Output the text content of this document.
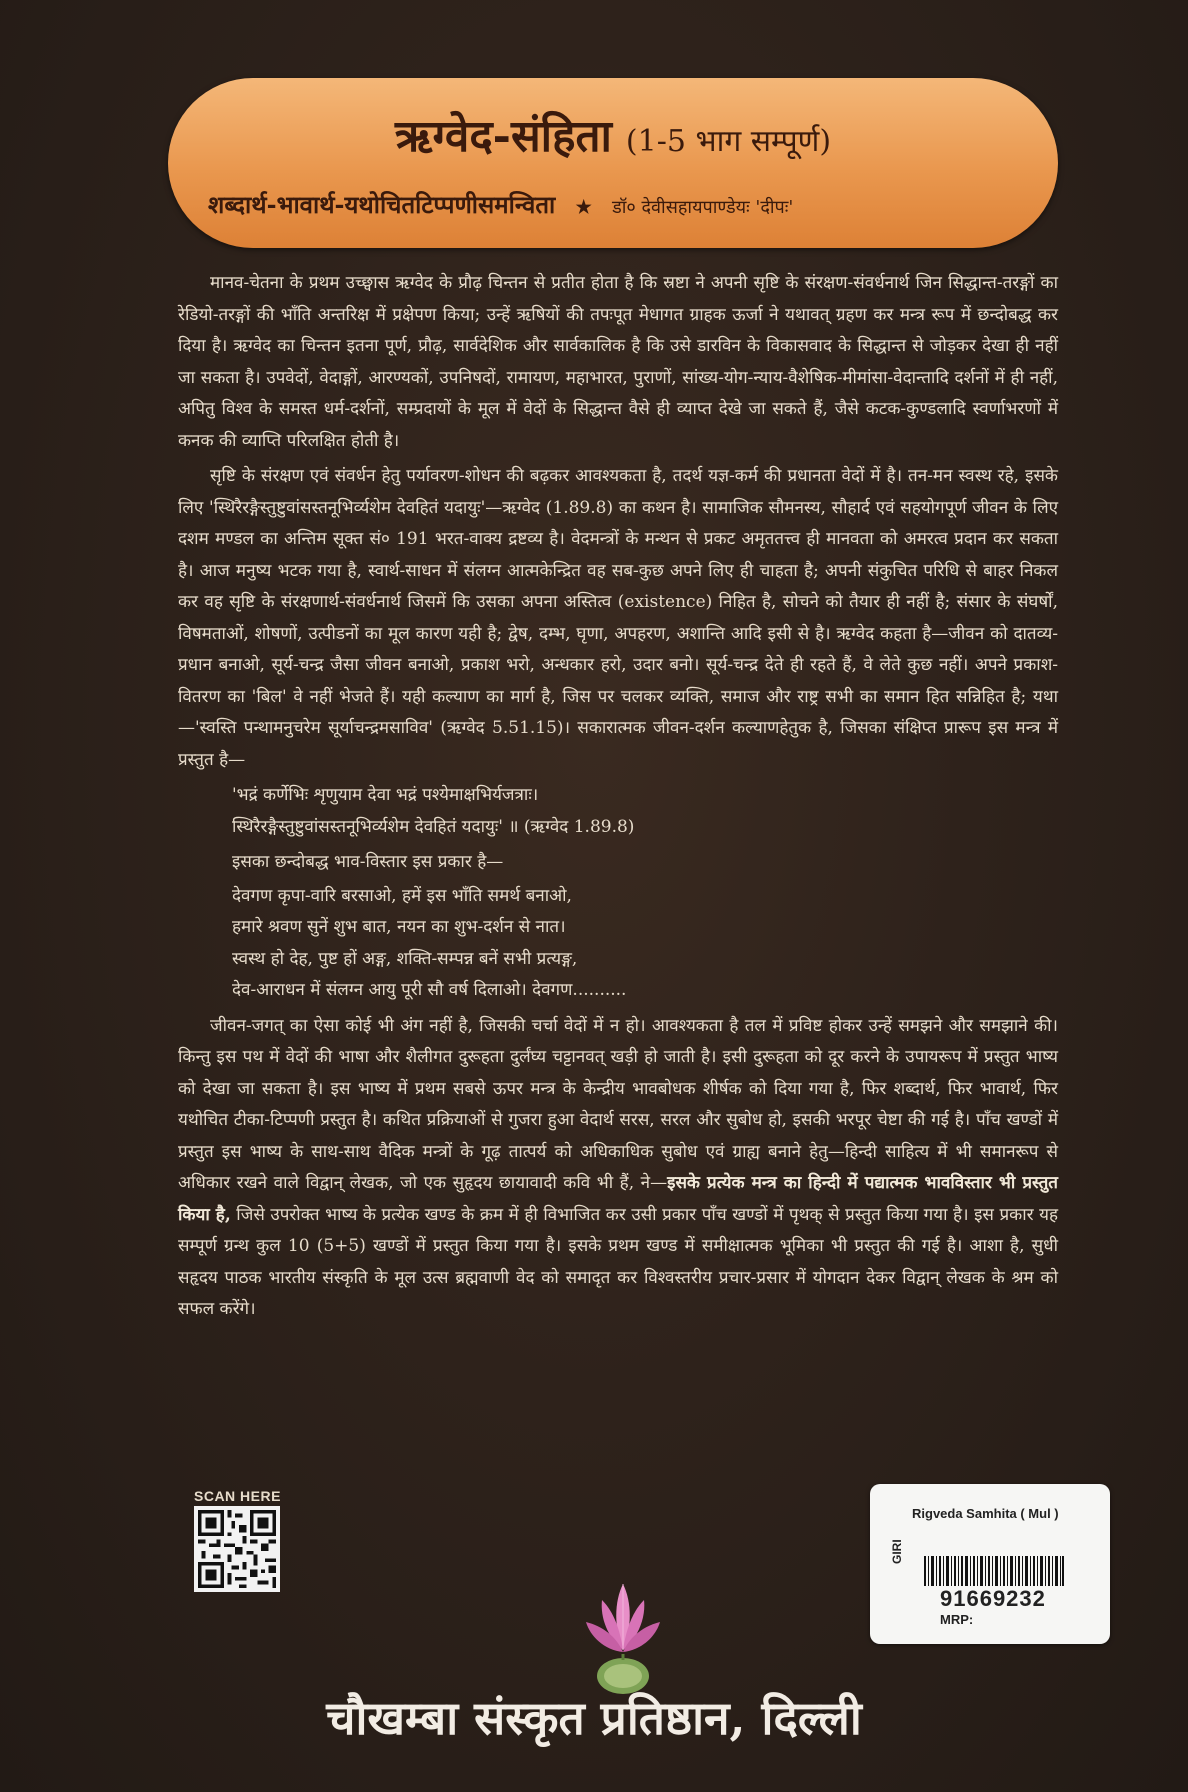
ऋग्वेद-संहिता (1-5 भाग सम्पूर्ण)
शब्दार्थ-भावार्थ-यथोचितटिप्पणीसमन्विता ★ डॉ० देवीसहायपाण्डेयः 'दीपः'

मानव-चेतना के प्रथम उच्छ्वास ऋग्वेद के प्रौढ़ चिन्तन से प्रतीत होता है कि स्रष्टा ने अपनी सृष्टि के संरक्षण-संवर्धनार्थ जिन सिद्धान्त-तरङ्गों का रेडियो-तरङ्गों की भाँति अन्तरिक्ष में प्रक्षेपण किया; उन्हें ऋषियों की तपःपूत मेधागत ग्राहक ऊर्जा ने यथावत् ग्रहण कर मन्त्र रूप में छन्दोबद्ध कर दिया है। ऋग्वेद का चिन्तन इतना पूर्ण, प्रौढ़, सार्वदेशिक और सार्वकालिक है कि उसे डारविन के विकासवाद के सिद्धान्त से जोड़कर देखा ही नहीं जा सकता है। उपवेदों, वेदाङ्गों, आरण्यकों, उपनिषदों, रामायण, महाभारत, पुराणों, सांख्य-योग-न्याय-वैशेषिक-मीमांसा-वेदान्तादि दर्शनों में ही नहीं, अपितु विश्व के समस्त धर्म-दर्शनों, सम्प्रदायों के मूल में वेदों के सिद्धान्त वैसे ही व्याप्त देखे जा सकते हैं, जैसे कटक-कुण्डलादि स्वर्णाभरणों में कनक की व्याप्ति परिलक्षित होती है।

सृष्टि के संरक्षण एवं संवर्धन हेतु पर्यावरण-शोधन की बढ़कर आवश्यकता है, तदर्थ यज्ञ-कर्म की प्रधानता वेदों में है। तन-मन स्वस्थ रहे, इसके लिए 'स्थिरैरङ्गैस्तुष्टुवांसस्तनूभिर्व्यशेम देवहितं यदायुः'—ऋग्वेद (1.89.8) का कथन है। सामाजिक सौमनस्य, सौहार्द एवं सहयोगपूर्ण जीवन के लिए दशम मण्डल का अन्तिम सूक्त सं० 191 भरत-वाक्य द्रष्टव्य है। वेदमन्त्रों के मन्थन से प्रकट अमृततत्त्व ही मानवता को अमरत्व प्रदान कर सकता है। आज मनुष्य भटक गया है, स्वार्थ-साधन में संलग्न आत्मकेन्द्रित वह सब-कुछ अपने लिए ही चाहता है; अपनी संकुचित परिधि से बाहर निकल कर वह सृष्टि के संरक्षणार्थ-संवर्धनार्थ जिसमें कि उसका अपना अस्तित्व (existence) निहित है, सोचने को तैयार ही नहीं है; संसार के संघर्षों, विषमताओं, शोषणों, उत्पीडनों का मूल कारण यही है; द्वेष, दम्भ, घृणा, अपहरण, अशान्ति आदि इसी से है। ऋग्वेद कहता है—जीवन को दातव्य-प्रधान बनाओ, सूर्य-चन्द्र जैसा जीवन बनाओ, प्रकाश भरो, अन्धकार हरो, उदार बनो। सूर्य-चन्द्र देते ही रहते हैं, वे लेते कुछ नहीं। अपने प्रकाश-वितरण का 'बिल' वे नहीं भेजते हैं। यही कल्याण का मार्ग है, जिस पर चलकर व्यक्ति, समाज और राष्ट्र सभी का समान हित सन्निहित है; यथा—'स्वस्ति पन्थामनुचरेम सूर्याचन्द्रमसाविव' (ऋग्वेद 5.51.15)। सकारात्मक जीवन-दर्शन कल्याणहेतुक है, जिसका संक्षिप्त प्रारूप इस मन्त्र में प्रस्तुत है—

'भद्रं कर्णेभिः शृणुयाम देवा भद्रं पश्येमाक्षभिर्यजत्राः।
स्थिरैरङ्गैस्तुष्टुवांसस्तनूभिर्व्यशेम देवहितं यदायुः' ॥ (ऋग्वेद 1.89.8)
इसका छन्दोबद्ध भाव-विस्तार इस प्रकार है—
देवगण कृपा-वारि बरसाओ, हमें इस भाँति समर्थ बनाओ,
हमारे श्रवण सुनें शुभ बात, नयन का शुभ-दर्शन से नात।
स्वस्थ हो देह, पुष्ट हों अङ्ग, शक्ति-सम्पन्न बनें सभी प्रत्यङ्ग,
देव-आराधन में संलग्न आयु पूरी सौ वर्ष दिलाओ। देवगण..........

जीवन-जगत् का ऐसा कोई भी अंग नहीं है, जिसकी चर्चा वेदों में न हो। आवश्यकता है तल में प्रविष्ट होकर उन्हें समझने और समझाने की। किन्तु इस पथ में वेदों की भाषा और शैलीगत दुरूहता दुर्लंघ्य चट्टानवत् खड़ी हो जाती है। इसी दुरूहता को दूर करने के उपायरूप में प्रस्तुत भाष्य को देखा जा सकता है। इस भाष्य में प्रथम सबसे ऊपर मन्त्र के केन्द्रीय भावबोधक शीर्षक को दिया गया है, फिर शब्दार्थ, फिर भावार्थ, फिर यथोचित टीका-टिप्पणी प्रस्तुत है। कथित प्रक्रियाओं से गुजरा हुआ वेदार्थ सरस, सरल और सुबोध हो, इसकी भरपूर चेष्टा की गई है। पाँच खण्डों में प्रस्तुत इस भाष्य के साथ-साथ वैदिक मन्त्रों के गूढ़ तात्पर्य को अधिकाधिक सुबोध एवं ग्राह्य बनाने हेतु—हिन्दी साहित्य में भी समानरूप से अधिकार रखने वाले विद्वान् लेखक, जो एक सुहृदय छायावादी कवि भी हैं, ने—इसके प्रत्येक मन्त्र का हिन्दी में पद्यात्मक भावविस्तार भी प्रस्तुत किया है, जिसे उपरोक्त भाष्य के प्रत्येक खण्ड के क्रम में ही विभाजित कर उसी प्रकार पाँच खण्डों में पृथक् से प्रस्तुत किया गया है। इस प्रकार यह सम्पूर्ण ग्रन्थ कुल 10 (5+5) खण्डों में प्रस्तुत किया गया है। इसके प्रथम खण्ड में समीक्षात्मक भूमिका भी प्रस्तुत की गई है। आशा है, सुधी सहृदय पाठक भारतीय संस्कृति के मूल उत्स ब्रह्मवाणी वेद को समादृत कर विश्वस्तरीय प्रचार-प्रसार में योगदान देकर विद्वान् लेखक के श्रम को सफल करेंगे।

SCAN HERE
Rigveda Samhita ( Mul )
GIRI
91669232
MRP:
चौखम्बा संस्कृत प्रतिष्ठान, दिल्ली
